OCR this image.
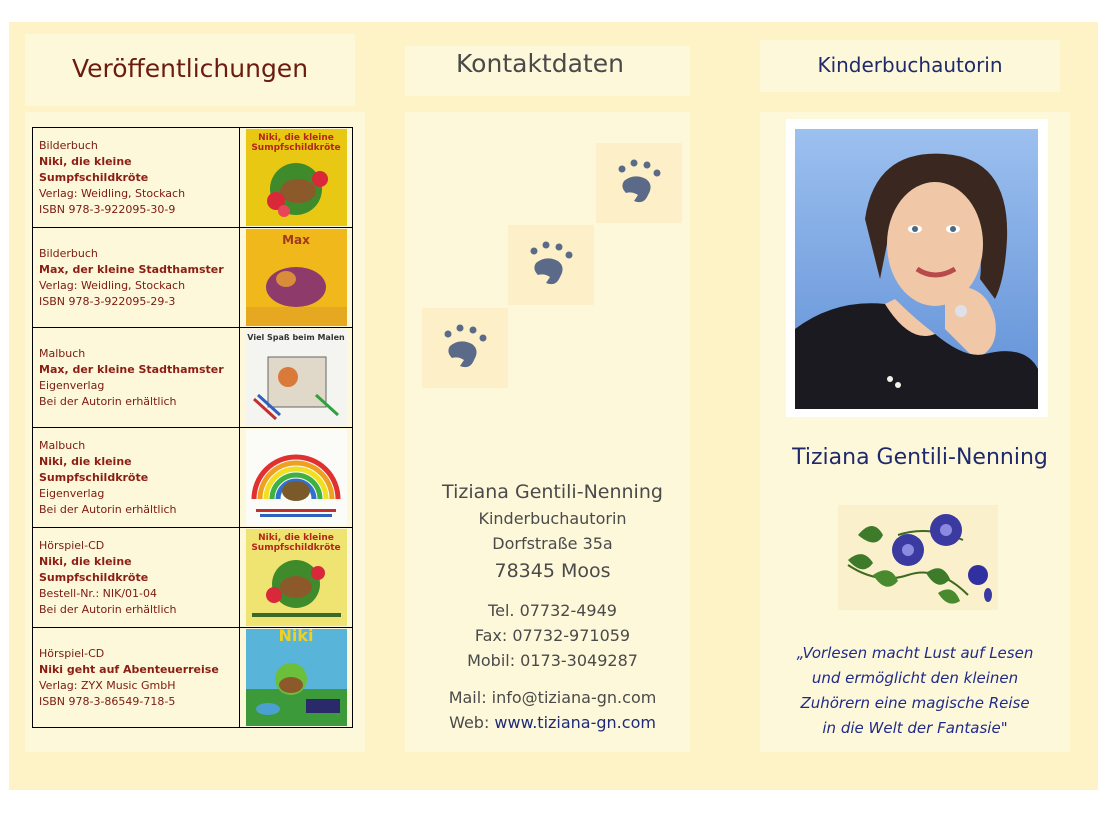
Veröffentlichungen	Kontaktdaten	Kinderbuchautorin
Bilderbuch
Niki, die kleine Sumpfschildkröte
Verlag: Weidling, Stockach
ISBN 978-3-922095-30-9	Niki, die kleine Sumpfschildkröte

Bilderbuch
Max, der kleine Stadthamster
Verlag: Weidling, Stockach
ISBN 978-3-922095-29-3	Max

Malbuch
Max, der kleine Stadthamster
Eigenverlag
Bei der Autorin erhältlich	Viel Spaß beim Malen

Malbuch
Niki, die kleine Sumpfschildkröte
Eigenverlag
Bei der Autorin erhältlich

Hörspiel-CD
Niki, die kleine Sumpfschildkröte
Bestell-Nr.: NIK/01-04
Bei der Autorin erhältlich	Niki, die kleine Sumpfschildkröte

Hörspiel-CD
Niki geht auf Abenteuerreise
Verlag: ZYX Music GmbH
ISBN 978-3-86549-718-5	Niki
Tiziana Gentili-Nenning
Kinderbuchautorin
Dorfstraße 35a
78345 Moos
Tel. 07732-4949
Fax: 07732-971059
Mobil: 0173-3049287
Mail: info@tiziana-gn.com
Web: www.tiziana-gn.com
Tiziana Gentili-Nenning
„Vorlesen macht Lust auf Lesen
und ermöglicht den kleinen
Zuhörern eine magische Reise
in die Welt der Fantasie"
